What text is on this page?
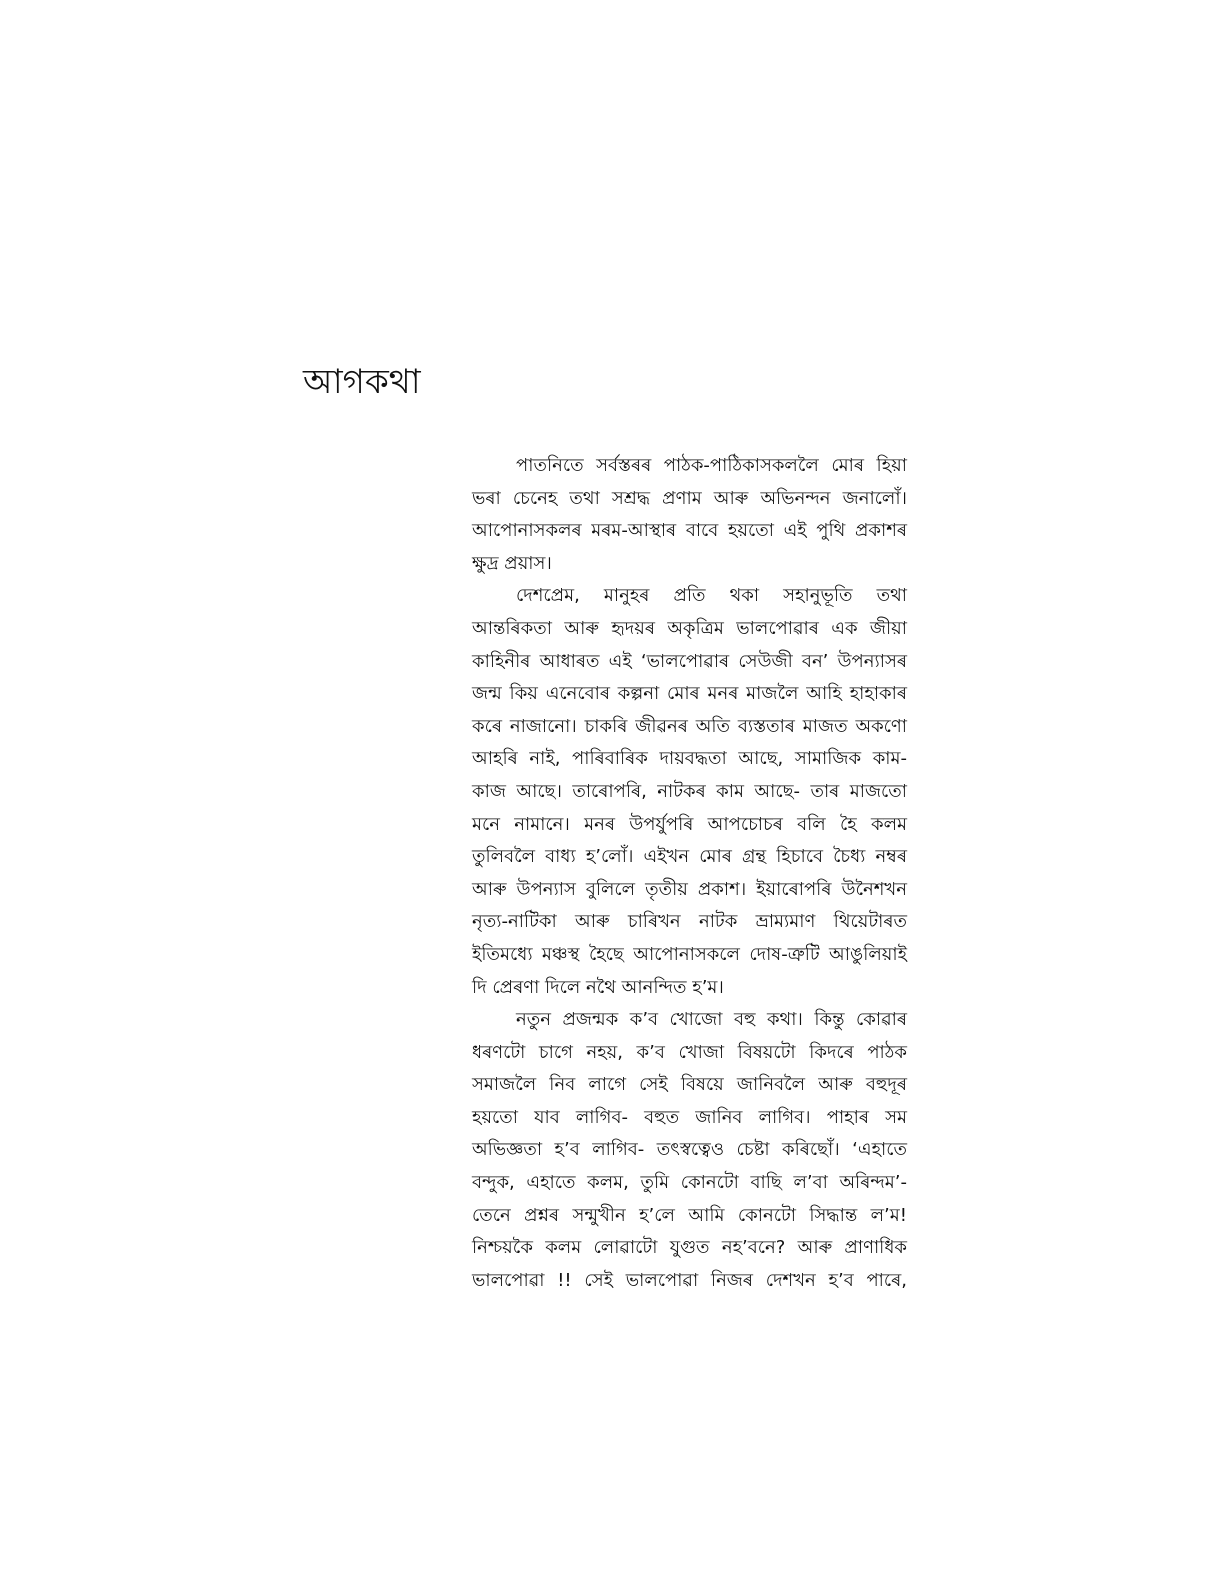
আগকথা
পাতনিতে সৰ্বস্তৰৰ পাঠক-পাঠিকাসকললৈ মোৰ হিয়া
ভৰা চেনেহ তথা সশ্ৰদ্ধ প্ৰণাম আৰু অভিনন্দন জনালোঁ।
আপোনাসকলৰ মৰম-আস্থাৰ বাবে হয়তো এই পুথি প্ৰকাশৰ
ক্ষুদ্ৰ প্ৰয়াস।
দেশপ্ৰেম, মানুহৰ প্ৰতি থকা সহানুভূতি তথা
আন্তৰিকতা আৰু হৃদয়ৰ অকৃত্ৰিম ভালপোৱাৰ এক জীয়া
কাহিনীৰ আধাৰত এই ‘ভালপোৱাৰ সেউজী বন’ উপন্যাসৰ
জন্ম কিয় এনেবোৰ কল্পনা মোৰ মনৰ মাজলৈ আহি হাহাকাৰ
কৰে নাজানো। চাকৰি জীৱনৰ অতি ব্যস্ততাৰ মাজত অকণো
আহৰি নাই, পাৰিবাৰিক দায়বদ্ধতা আছে, সামাজিক কাম-
কাজ আছে। তাৰোপৰি, নাটকৰ কাম আছে- তাৰ মাজতো
মনে নামানে। মনৰ উপৰ্যুপৰি আপচোচৰ বলি হৈ কলম
তুলিবলৈ বাধ্য হ’লোঁ। এইখন মোৰ গ্ৰন্থ হিচাবে চৈধ্য নম্বৰ
আৰু উপন্যাস বুলিলে তৃতীয় প্ৰকাশ। ইয়াৰোপৰি উনৈশখন
নৃত্য-নাটিকা আৰু চাৰিখন নাটক ভ্ৰাম্যমাণ থিয়েটাৰত
ইতিমধ্যে মঞ্চস্থ হৈছে আপোনাসকলে দোষ-ত্ৰুটি আঙুলিয়াই
দি প্ৰেৰণা দিলে নথৈ আনন্দিত হ’ম।
নতুন প্ৰজন্মক ক’ব খোজো বহু কথা। কিন্তু কোৱাৰ
ধৰণটো চাগে নহয়, ক’ব খোজা বিষয়টো কিদৰে পাঠক
সমাজলৈ নিব লাগে সেই বিষয়ে জানিবলৈ আৰু বহুদূৰ
হয়তো যাব লাগিব- বহুত জানিব লাগিব। পাহাৰ সম
অভিজ্ঞতা হ’ব লাগিব- তৎস্বত্বেও চেষ্টা কৰিছোঁ। ‘এহাতে
বন্দুক, এহাতে কলম, তুমি কোনটো বাছি ল’বা অৰিন্দম’-
তেনে প্ৰশ্নৰ সন্মুখীন হ’লে আমি কোনটো সিদ্ধান্ত ল’ম!
নিশ্চয়কৈ কলম লোৱাটো যুগুত নহ’বনে? আৰু প্ৰাণাধিক
ভালপোৱা !! সেই ভালপোৱা নিজৰ দেশখন হ’ব পাৰে,
